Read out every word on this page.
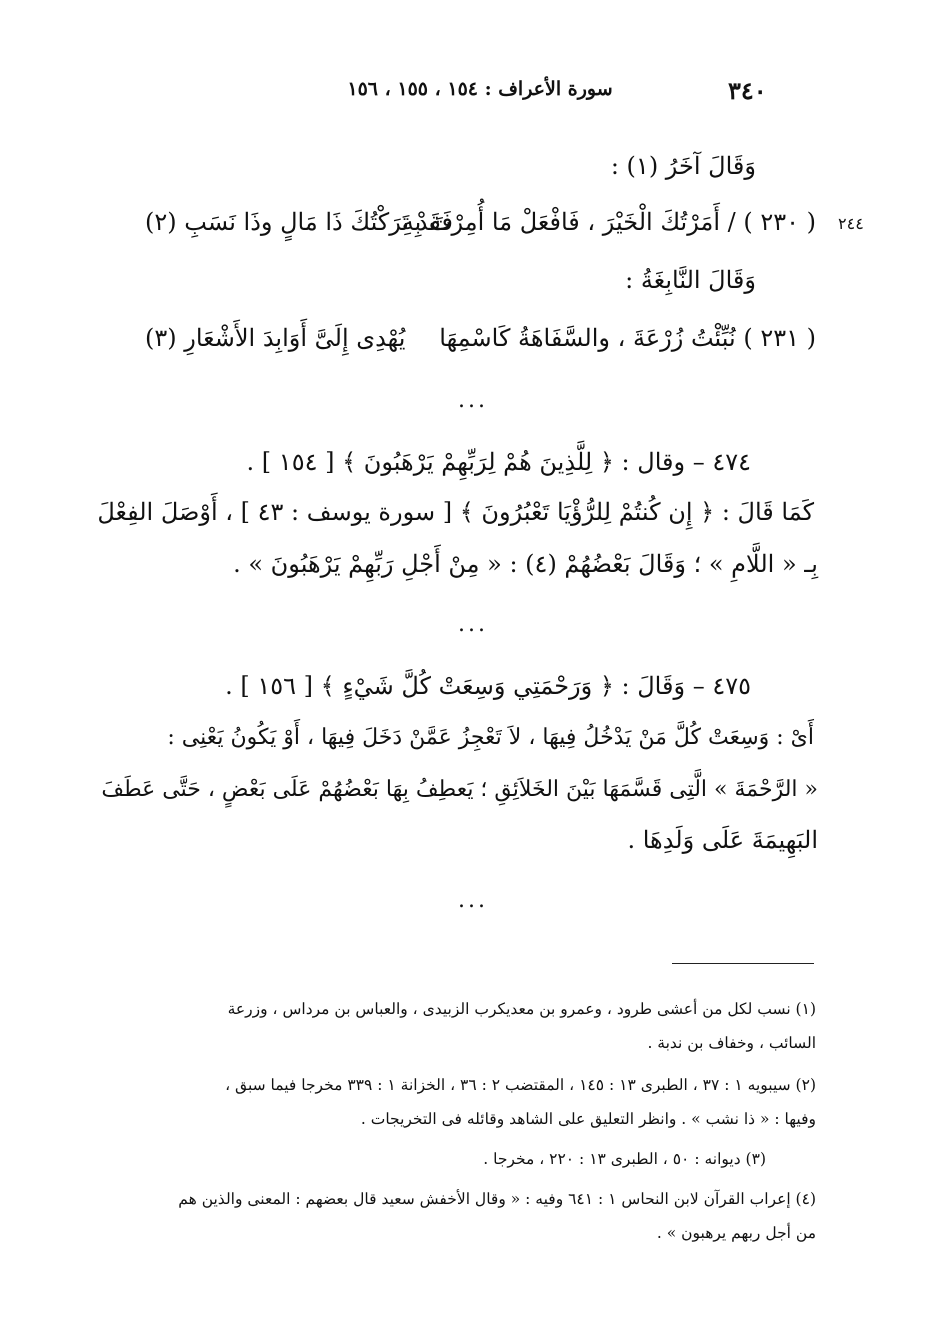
سورة الأعراف : ١٥٤ ، ١٥٥ ، ١٥٦	٣٤٠
وَقَالَ آخَرُ (١) :
( ٢٣٠ ) / أَمَرْتُكَ الْخَيْرَ ، فَافْعَلْ مَا أُمِرْتَ بِهِ
فَقَدْ تَرَكْتُكَ ذَا مَالٍ وذَا نَسَبِ (٢)	٢٤٤
وَقَالَ النَّابِغَةُ :
( ٢٣١ ) نُبِّئْتُ زُرْعَةَ ، والسَّفَاهَةُ كَاسْمِهَا
يُهْدِى إِلَىَّ أَوَابِدَ الأَشْعَارِ (٣)
...
٤٧٤ – وقال : ﴿ لِلَّذِينَ هُمْ لِرَبِّهِمْ يَرْهَبُونَ ﴾ [ ١٥٤ ] .
كَمَا قَالَ : ﴿ إِن كُنتُمْ لِلرُّؤْيَا تَعْبُرُونَ ﴾ [ سورة يوسف : ٤٣ ] ، أَوْصَلَ الفِعْلَ
بِـ « اللَّامِ » ؛ وَقَالَ بَعْضُهُمْ (٤) : « مِنْ أَجْلِ رَبِّهِمْ يَرْهَبُونَ » .
...
٤٧٥ – وَقَالَ : ﴿ وَرَحْمَتِي وَسِعَتْ كُلَّ شَيْءٍ ﴾ [ ١٥٦ ] .
أَىْ : وَسِعَتْ كُلَّ مَنْ يَدْخُلُ فِيهَا ، لاَ تَعْجِزُ عَمَّنْ دَخَلَ فِيهَا ، أَوْ يَكُونُ يَعْنِى :
« الرَّحْمَةَ » الَّتِى قَسَّمَهَا بَيْنَ الخَلاَئِقِ ؛ يَعطِفُ بِهَا بَعْضُهُمْ عَلَى بَعْضٍ ، حَتَّى عَطَفَ
البَهِيمَةَ عَلَى وَلَدِهَا .
...
(١) نسب لكل من أعشى طرود ، وعمرو بن معديكرب الزبيدى ، والعباس بن مرداس ، وزرعة
السائب ، وخفاف بن ندبة .
(٢) سيبويه ١ : ٣٧ ، الطبرى ١٣ : ١٤٥ ، المقتضب ٢ : ٣٦ ، الخزانة ١ : ٣٣٩ مخرجا فيما سبق ،
وفيها : « ذا نشب » . وانظر التعليق على الشاهد وقائله فى التخريجات .
(٣) ديوانه : ٥٠ ، الطبرى ١٣ : ٢٢٠ ، مخرجا .
(٤) إعراب القرآن لابن النحاس ١ : ٦٤١ وفيه : « وقال الأخفش سعيد قال بعضهم : المعنى والذين هم
من أجل ربهم يرهبون » .
